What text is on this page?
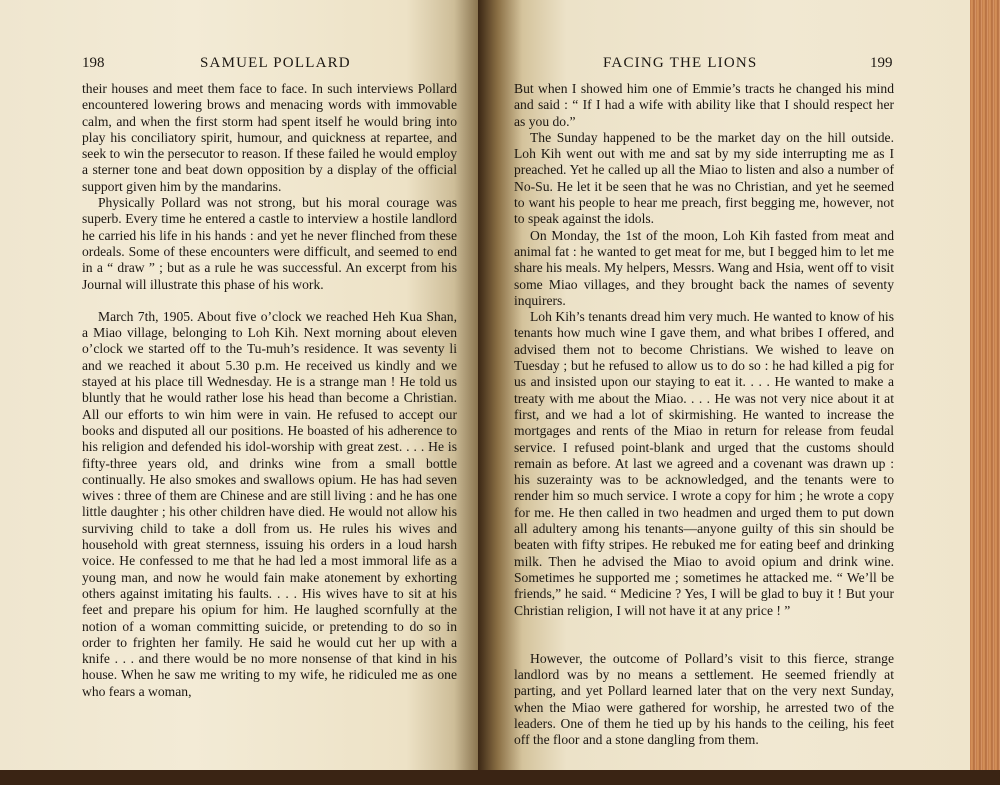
198	SAMUEL POLLARD

their houses and meet them face to face. In such interviews Pollard encountered lowering brows and menacing words with immovable calm, and when the first storm had spent itself he would bring into play his conciliatory spirit, humour, and quickness at repartee, and seek to win the persecutor to reason. If these failed he would employ a sterner tone and beat down opposition by a display of the official support given him by the mandarins.

Physically Pollard was not strong, but his moral courage was superb. Every time he entered a castle to interview a hostile landlord he carried his life in his hands : and yet he never flinched from these ordeals. Some of these encounters were difficult, and seemed to end in a “ draw ” ; but as a rule he was successful. An excerpt from his Journal will illustrate this phase of his work.

March 7th, 1905. About five o’clock we reached Heh Kua Shan, a Miao village, belonging to Loh Kih. Next morning about eleven o’clock we started off to the Tu-muh’s residence. It was seventy li and we reached it about 5.30 p.m. He received us kindly and we stayed at his place till Wednesday. He is a strange man ! He told us bluntly that he would rather lose his head than become a Christian. All our efforts to win him were in vain. He refused to accept our books and disputed all our positions. He boasted of his adherence to his religion and defended his idol-worship with great zest. . . . He is fifty-three years old, and drinks wine from a small bottle continually. He also smokes and swallows opium. He has had seven wives : three of them are Chinese and are still living : and he has one little daughter ; his other children have died. He would not allow his surviving child to take a doll from us. He rules his wives and household with great sternness, issuing his orders in a loud harsh voice. He confessed to me that he had led a most immoral life as a young man, and now he would fain make atonement by exhorting others against imitating his faults. . . . His wives have to sit at his feet and prepare his opium for him. He laughed scornfully at the notion of a woman committing suicide, or pretending to do so in order to frighten her family. He said he would cut her up with a knife . . . and there would be no more nonsense of that kind in his house. When he saw me writing to my wife, he ridiculed me as one who fears a woman,

FACING THE LIONS	199

But when I showed him one of Emmie’s tracts he changed his mind and said : “ If I had a wife with ability like that I should respect her as you do.”

The Sunday happened to be the market day on the hill outside. Loh Kih went out with me and sat by my side interrupting me as I preached. Yet he called up all the Miao to listen and also a number of No-Su. He let it be seen that he was no Christian, and yet he seemed to want his people to hear me preach, first begging me, however, not to speak against the idols.

On Monday, the 1st of the moon, Loh Kih fasted from meat and animal fat : he wanted to get meat for me, but I begged him to let me share his meals. My helpers, Messrs. Wang and Hsia, went off to visit some Miao villages, and they brought back the names of seventy inquirers.

Loh Kih’s tenants dread him very much. He wanted to know of his tenants how much wine I gave them, and what bribes I offered, and advised them not to become Christians. We wished to leave on Tuesday ; but he refused to allow us to do so : he had killed a pig for us and insisted upon our staying to eat it. . . . He wanted to make a treaty with me about the Miao. . . . He was not very nice about it at first, and we had a lot of skirmishing. He wanted to increase the mortgages and rents of the Miao in return for release from feudal service. I refused point-blank and urged that the customs should remain as before. At last we agreed and a covenant was drawn up : his suzerainty was to be acknowledged, and the tenants were to render him so much service. I wrote a copy for him ; he wrote a copy for me. He then called in two headmen and urged them to put down all adultery among his tenants—anyone guilty of this sin should be beaten with fifty stripes. He rebuked me for eating beef and drinking milk. Then he advised the Miao to avoid opium and drink wine. Sometimes he supported me ; sometimes he attacked me. “ We’ll be friends,” he said. “ Medicine ? Yes, I will be glad to buy it ! But your Christian religion, I will not have it at any price ! ”

However, the outcome of Pollard’s visit to this fierce, strange landlord was by no means a settlement. He seemed friendly at parting, and yet Pollard learned later that on the very next Sunday, when the Miao were gathered for worship, he arrested two of the leaders. One of them he tied up by his hands to the ceiling, his feet off the floor and a stone dangling from them.
